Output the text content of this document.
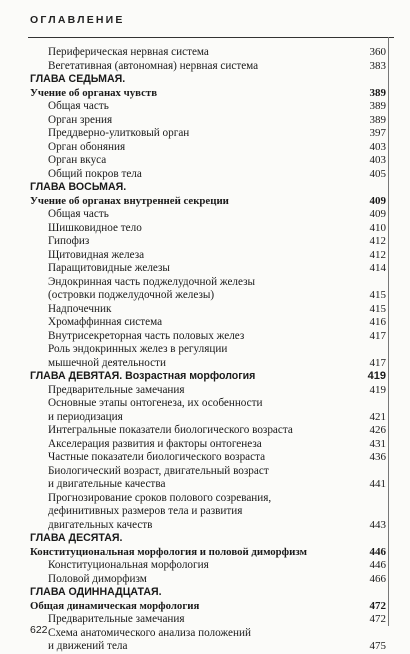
ОГЛАВЛЕНИЕ
Периферическая нервная система	360
Вегетативная (автономная) нервная система	383
ГЛАВА СЕДЬМАЯ.
Учение об органах чувств	389
Общая часть	389
Орган зрения	389
Преддверно-улитковый орган	397
Орган обоняния	403
Орган вкуса	403
Общий покров тела	405
ГЛАВА ВОСЬМАЯ.
Учение об органах внутренней секреции	409
Общая часть	409
Шишковидное тело	410
Гипофиз	412
Щитовидная железа	412
Паращитовидные железы	414
Эндокринная часть поджелудочной железы
(островки поджелудочной железы)	415
Надпочечник	415
Хромаффинная система	416
Внутрисекреторная часть половых желез	417
Роль эндокринных желез в регуляции
мышечной деятельности	417
ГЛАВА ДЕВЯТАЯ. Возрастная морфология	419
Предварительные замечания	419
Основные этапы онтогенеза, их особенности
и периодизация	421
Интегральные показатели биологического возраста	426
Акселерация развития и факторы онтогенеза	431
Частные показатели биологического возраста	436
Биологический возраст, двигательный возраст
и двигательные качества	441
Прогнозирование сроков полового созревания,
дефинитивных размеров тела и развития
двигательных качеств	443
ГЛАВА ДЕСЯТАЯ.
Конституциональная морфология и половой диморфизм	446
Конституциональная морфология	446
Половой диморфизм	466
ГЛАВА ОДИННАДЦАТАЯ.
Общая динамическая морфология	472
Предварительные замечания	472
Схема анатомического анализа положений
и движений тела	475
622
